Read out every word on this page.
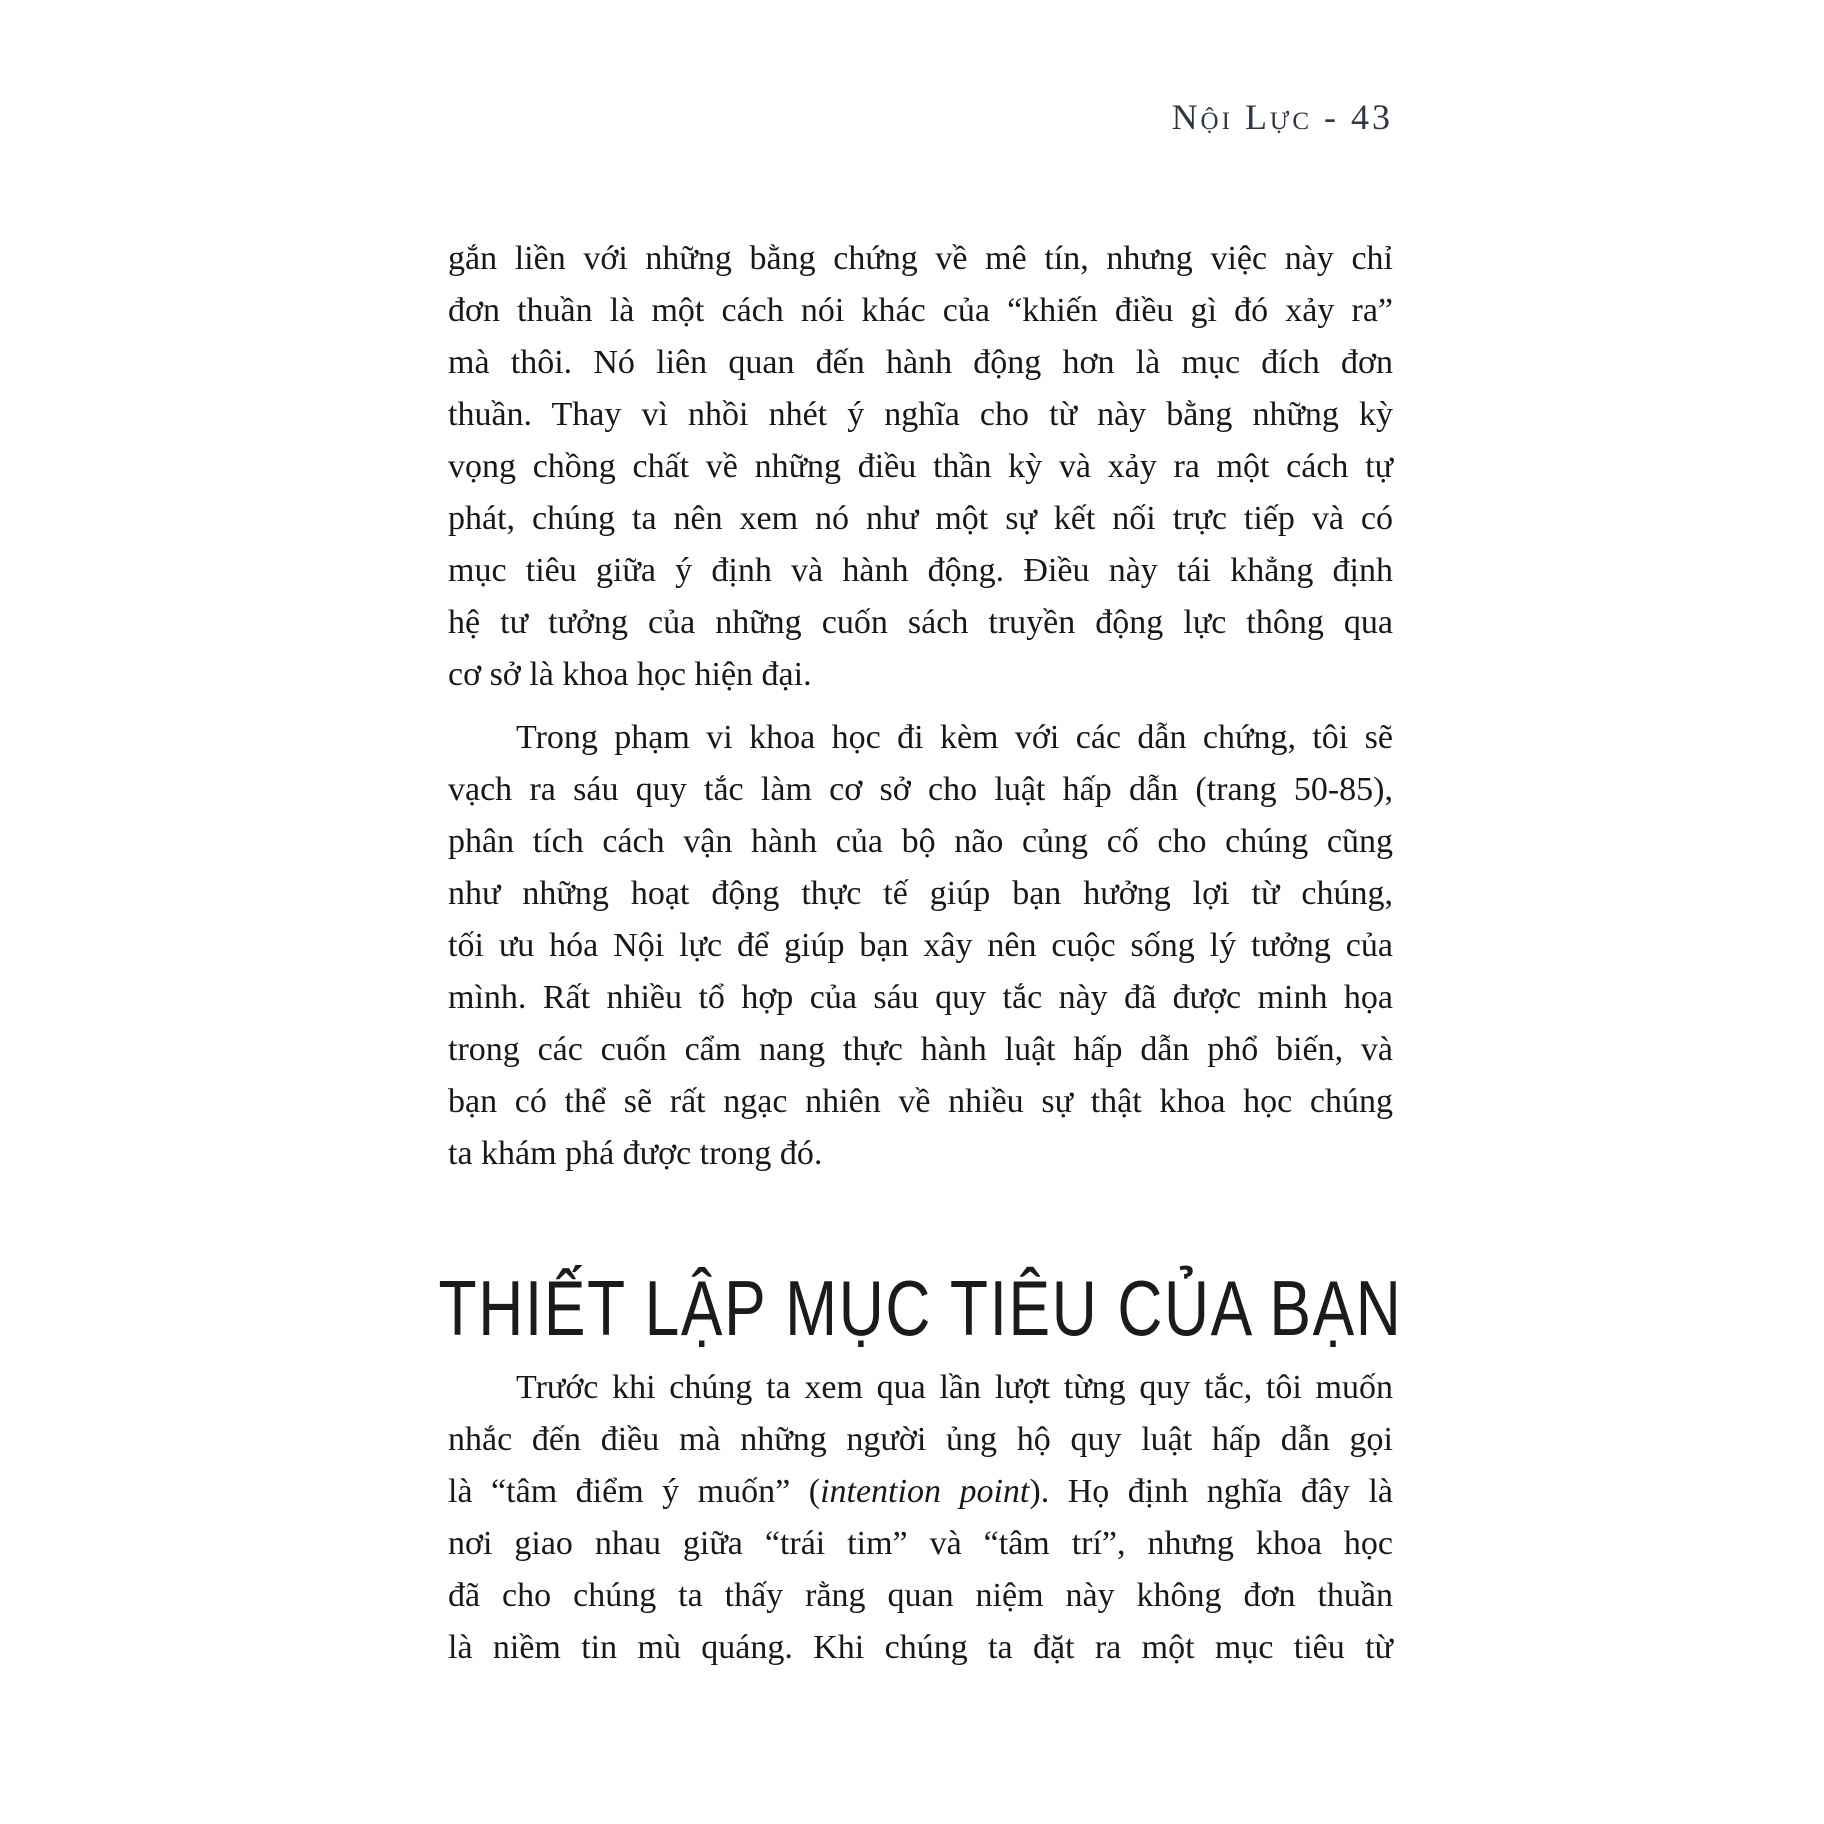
Nội Lực - 43
gắn liền với những bằng chứng về mê tín, nhưng việc này chỉ
đơn thuần là một cách nói khác của “khiến điều gì đó xảy ra”
mà thôi. Nó liên quan đến hành động hơn là mục đích đơn
thuần. Thay vì nhồi nhét ý nghĩa cho từ này bằng những kỳ
vọng chồng chất về những điều thần kỳ và xảy ra một cách tự
phát, chúng ta nên xem nó như một sự kết nối trực tiếp và có
mục tiêu giữa ý định và hành động. Điều này tái khẳng định
hệ tư tưởng của những cuốn sách truyền động lực thông qua
cơ sở là khoa học hiện đại.
Trong phạm vi khoa học đi kèm với các dẫn chứng, tôi sẽ
vạch ra sáu quy tắc làm cơ sở cho luật hấp dẫn (trang 50-85),
phân tích cách vận hành của bộ não củng cố cho chúng cũng
như những hoạt động thực tế giúp bạn hưởng lợi từ chúng,
tối ưu hóa Nội lực để giúp bạn xây nên cuộc sống lý tưởng của
mình. Rất nhiều tổ hợp của sáu quy tắc này đã được minh họa
trong các cuốn cẩm nang thực hành luật hấp dẫn phổ biến, và
bạn có thể sẽ rất ngạc nhiên về nhiều sự thật khoa học chúng
ta khám phá được trong đó.
THIẾT LẬP MỤC TIÊU CỦA BẠN
Trước khi chúng ta xem qua lần lượt từng quy tắc, tôi muốn
nhắc đến điều mà những người ủng hộ quy luật hấp dẫn gọi
là “tâm điểm ý muốn” (intention point). Họ định nghĩa đây là
nơi giao nhau giữa “trái tim” và “tâm trí”, nhưng khoa học
đã cho chúng ta thấy rằng quan niệm này không đơn thuần
là niềm tin mù quáng. Khi chúng ta đặt ra một mục tiêu từ
